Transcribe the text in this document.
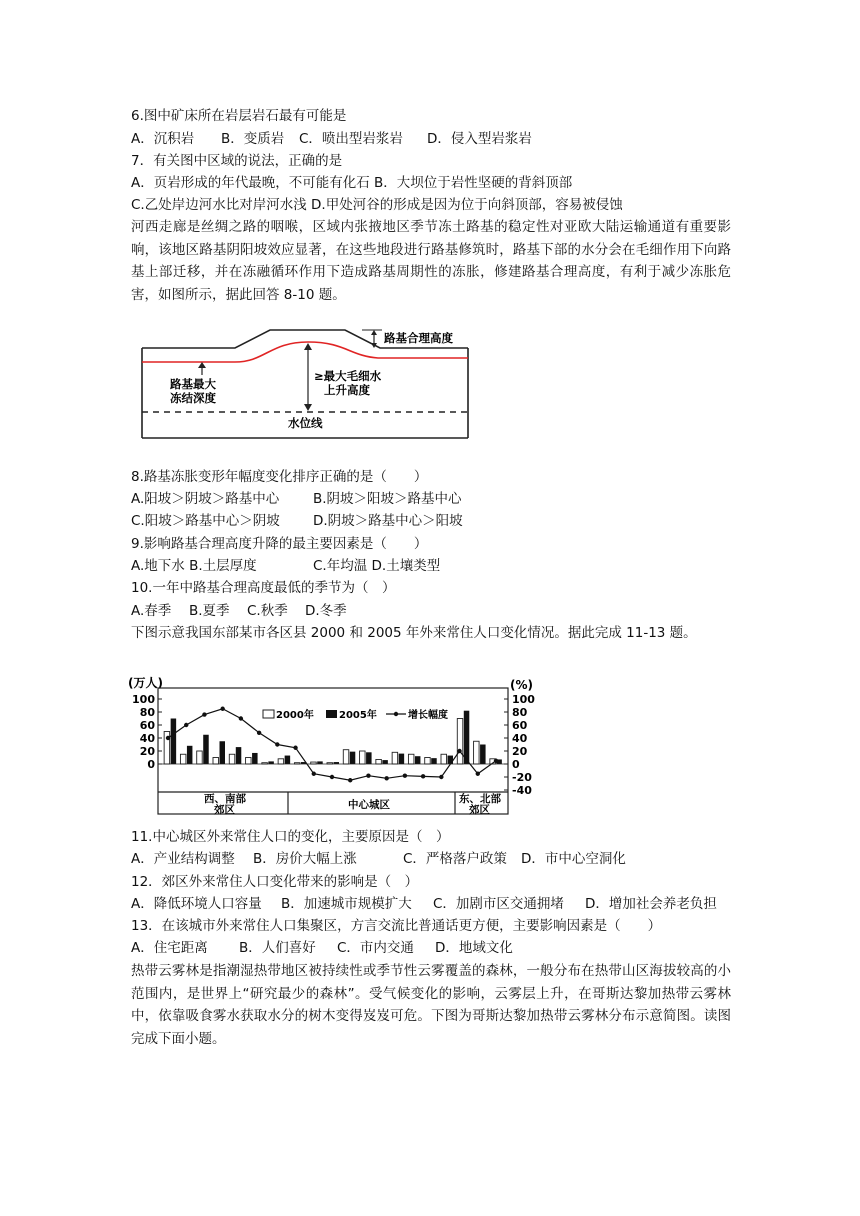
6.图中矿床所在岩层岩石最有可能是
A．沉积岩 B．变质岩 C．喷出型岩浆岩 D．侵入型岩浆岩
7．有关图中区域的说法，正确的是
A．页岩形成的年代最晚，不可能有化石 B．大坝位于岩性坚硬的背斜顶部
C.乙处岸边河水比对岸河水浅 D.甲处河谷的形成是因为位于向斜顶部，容易被侵蚀
河西走廊是丝绸之路的咽喉，区域内张掖地区季节冻土路基的稳定性对亚欧大陆运输通道有重要影响，该地区路基阴阳坡效应显著，在这些地段进行路基修筑时，路基下部的水分会在毛细作用下向路基上部迁移，并在冻融循环作用下造成路基周期性的冻胀，修建路基合理高度，有利于减少冻胀危害，如图所示，据此回答 8-10 题。
路基合理高度
路基最大
冻结深度
≥最大毛细水
上升高度
水位线
8.路基冻胀变形年幅度变化排序正确的是（　　）
A.阳坡＞阴坡＞路基中心 B.阴坡＞阳坡＞路基中心
C.阳坡＞路基中心＞阴坡 D.阴坡＞路基中心＞阳坡
9.影响路基合理高度升降的最主要因素是（　　）
A.地下水 B.土层厚度	C.年均温 D.土壤类型
10.一年中路基合理高度最低的季节为（　）
A.春季 B.夏季 C.秋季 D.冬季
下图示意我国东部某市各区县 2000 和 2005 年外来常住人口变化情况。据此完成 11-13 题。
(万人)	(%)
100
80
60
40
20
0
100
80
60
40
20
0
-20
-40
2000年	2005年	增长幅度
西、南部
郊区	中心城区	东、北部
郊区
11.中心城区外来常住人口的变化，主要原因是（　）
A．产业结构调整 B．房价大幅上涨	C．严格落户政策 D．市中心空洞化
12．郊区外来常住人口变化带来的影响是（　）
A．降低环境人口容量 B．加速城市规模扩大 C．加剧市区交通拥堵 D．增加社会养老负担
13．在该城市外来常住人口集聚区，方言交流比普通话更方便，主要影响因素是（　　）
A．住宅距离 B．人们喜好 C．市内交通 D．地域文化
热带云雾林是指潮湿热带地区被持续性或季节性云雾覆盖的森林，一般分布在热带山区海拔较高的小范围内，是世界上“研究最少的森林”。受气候变化的影响，云雾层上升，在哥斯达黎加热带云雾林中，依靠吸食雾水获取水分的树木变得岌岌可危。下图为哥斯达黎加热带云雾林分布示意简图。读图完成下面小题。
